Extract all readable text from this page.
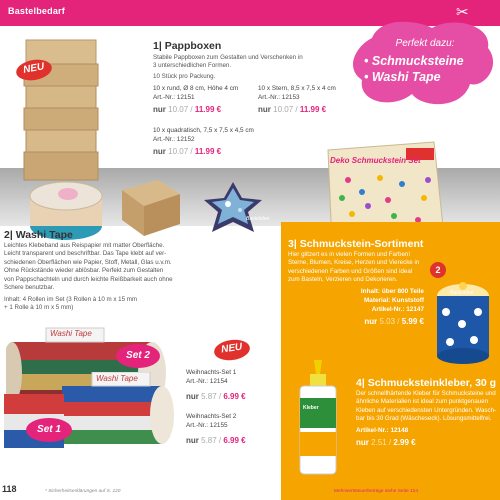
Bastelbedarf	✂
Perfekt dazu:
• Schmucksteine
• Washi Tape
NEU
Bastelidee
1| Pappboxen
Stabile Pappboxen zum Gestalten und Verschenken in
3 unterschiedlichen Formen.
10 Stück pro Packung.
10 x rund, Ø 8 cm, Höhe 4 cm
Art.-Nr.: 12151
nur 10.07 / 11.99 €
10 x Stern, 8,5 x 7,5 x 4 cm
Art.-Nr.: 12153
nur 10.07 / 11.99 €
10 x quadratisch, 7,5 x 7,5 x 4,5 cm
Art.-Nr.: 12152
nur 10.07 / 11.99 €
Deko Schmuckstein Set
2| Washi Tape
Leichtes Klebeband aus Reispapier mit matter Oberfläche.
Leicht transparent und beschriftbar. Das Tape klebt auf ver-
schiedenen Oberflächen wie Papier, Stoff, Metall, Glas u.v.m.
Ohne Rückstände wieder ablösbar. Perfekt zum Gestalten
von Pappschachteln und durch leichte Reißbarkeit auch ohne
Schere benutzbar.
Inhalt: 4 Rollen im Set (3 Rollen à 10 m x 15 mm
+ 1 Rolle à 10 m x 5 mm)
Washi Tape
Washi Tape
Set 2
Set 1
NEU
Weihnachts-Set 1
Art.-Nr.: 12154
nur 5.87 / 6.99 €
Weihnachts-Set 2
Art.-Nr.: 12155
nur 5.87 / 6.99 €
3| Schmuckstein-Sortiment
Hier glitzert es in vielen Formen und Farben!
Sterne, Blumen, Kreise, Herzen und Vierecke in
verschiedenen Farben und Größen sind ideal
zum Basteln, Verzieren und Dekorieren.
Inhalt: über 800 Teile
Material: Kunststoff
Artikel-Nr.: 12147
nur 5.03 / 5.99 €
Bastelidee
2
Kleber
4| Schmucksteinkleber, 30 g
Der schnellhärtende Kleber für Schmucksteine und
ähnliche Materialien ist ideal zum punktgenauen
Kleben auf verschiedensten Untergründen. Wasch-
bar bis 30 Grad (Wäscheseck). Lösungsmittelfrei.
Artikel-Nr.: 12148
nur 2.51 / 2.99 €
118	* Sicherheitserklärungen auf S. 120	Mehrwertsteuerbeträge siehe Seite 124
